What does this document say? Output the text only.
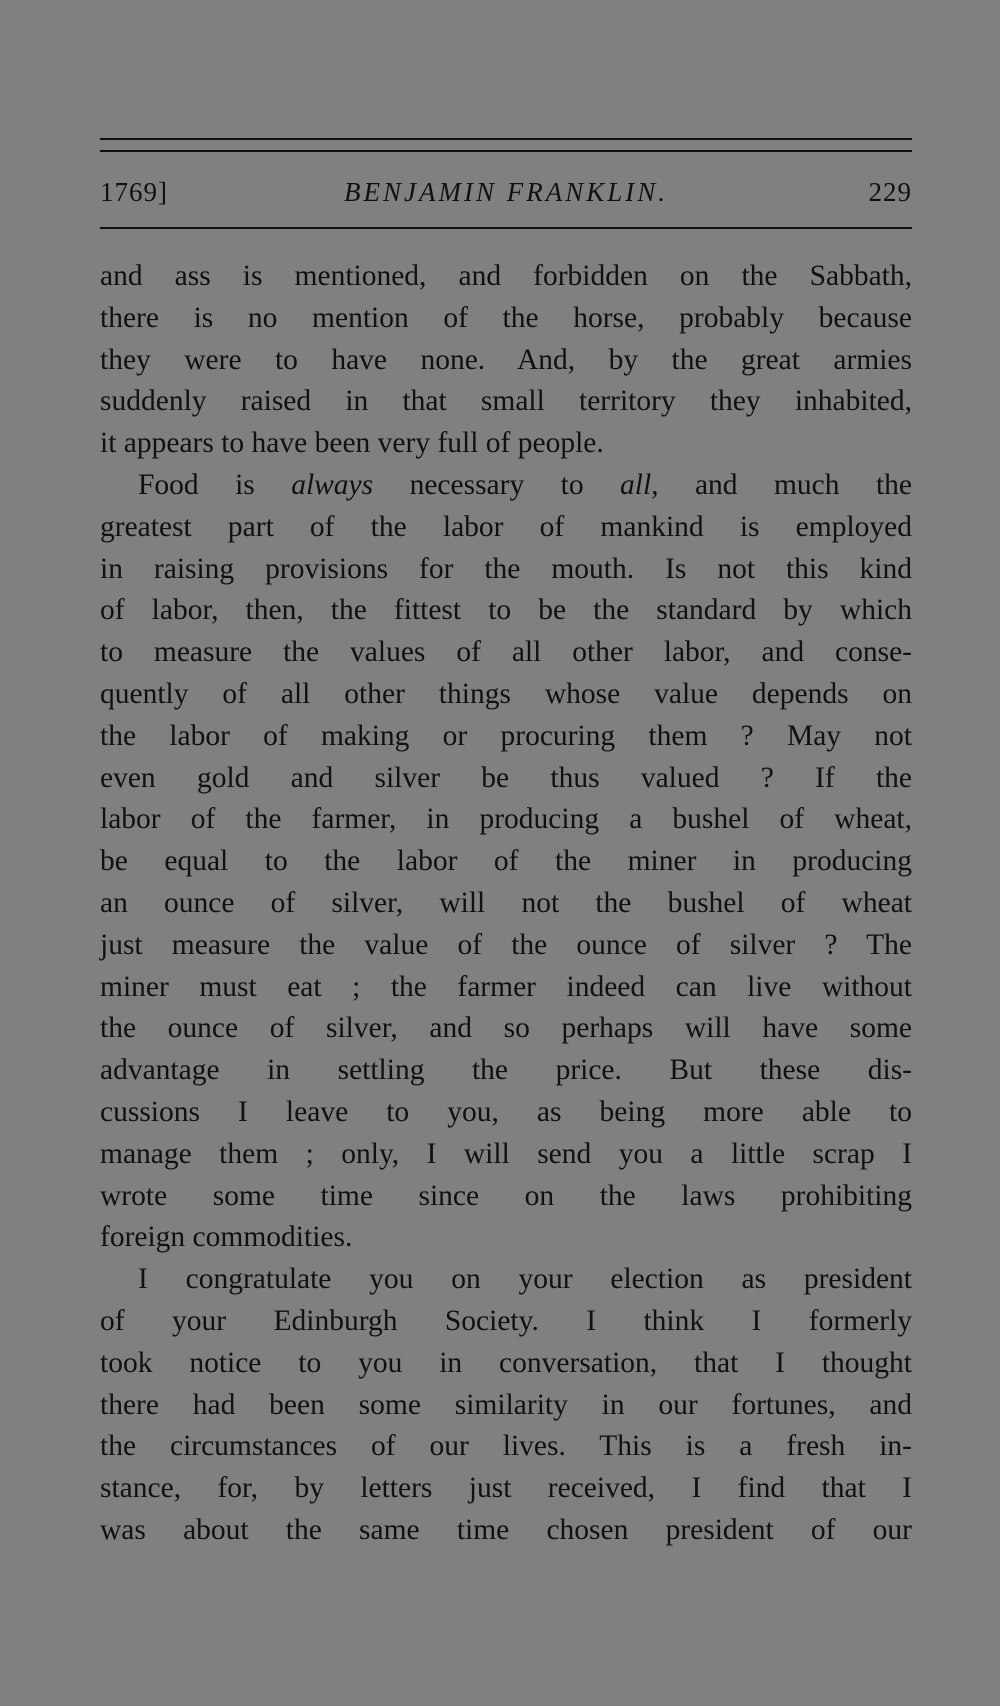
1769]	BENJAMIN FRANKLIN.	229
and ass is mentioned, and forbidden on the Sabbath,
there is no mention of the horse, probably because
they were to have none. And, by the great armies
suddenly raised in that small territory they inhabited,
it appears to have been very full of people.
Food is always necessary to all, and much the
greatest part of the labor of mankind is employed
in raising provisions for the mouth. Is not this kind
of labor, then, the fittest to be the standard by which
to measure the values of all other labor, and conse-
quently of all other things whose value depends on
the labor of making or procuring them ? May not
even gold and silver be thus valued ? If the
labor of the farmer, in producing a bushel of wheat,
be equal to the labor of the miner in producing
an ounce of silver, will not the bushel of wheat
just measure the value of the ounce of silver ? The
miner must eat ; the farmer indeed can live without
the ounce of silver, and so perhaps will have some
advantage in settling the price. But these dis-
cussions I leave to you, as being more able to
manage them ; only, I will send you a little scrap I
wrote some time since on the laws prohibiting
foreign commodities.
I congratulate you on your election as president
of your Edinburgh Society. I think I formerly
took notice to you in conversation, that I thought
there had been some similarity in our fortunes, and
the circumstances of our lives. This is a fresh in-
stance, for, by letters just received, I find that I
was about the same time chosen president of our
